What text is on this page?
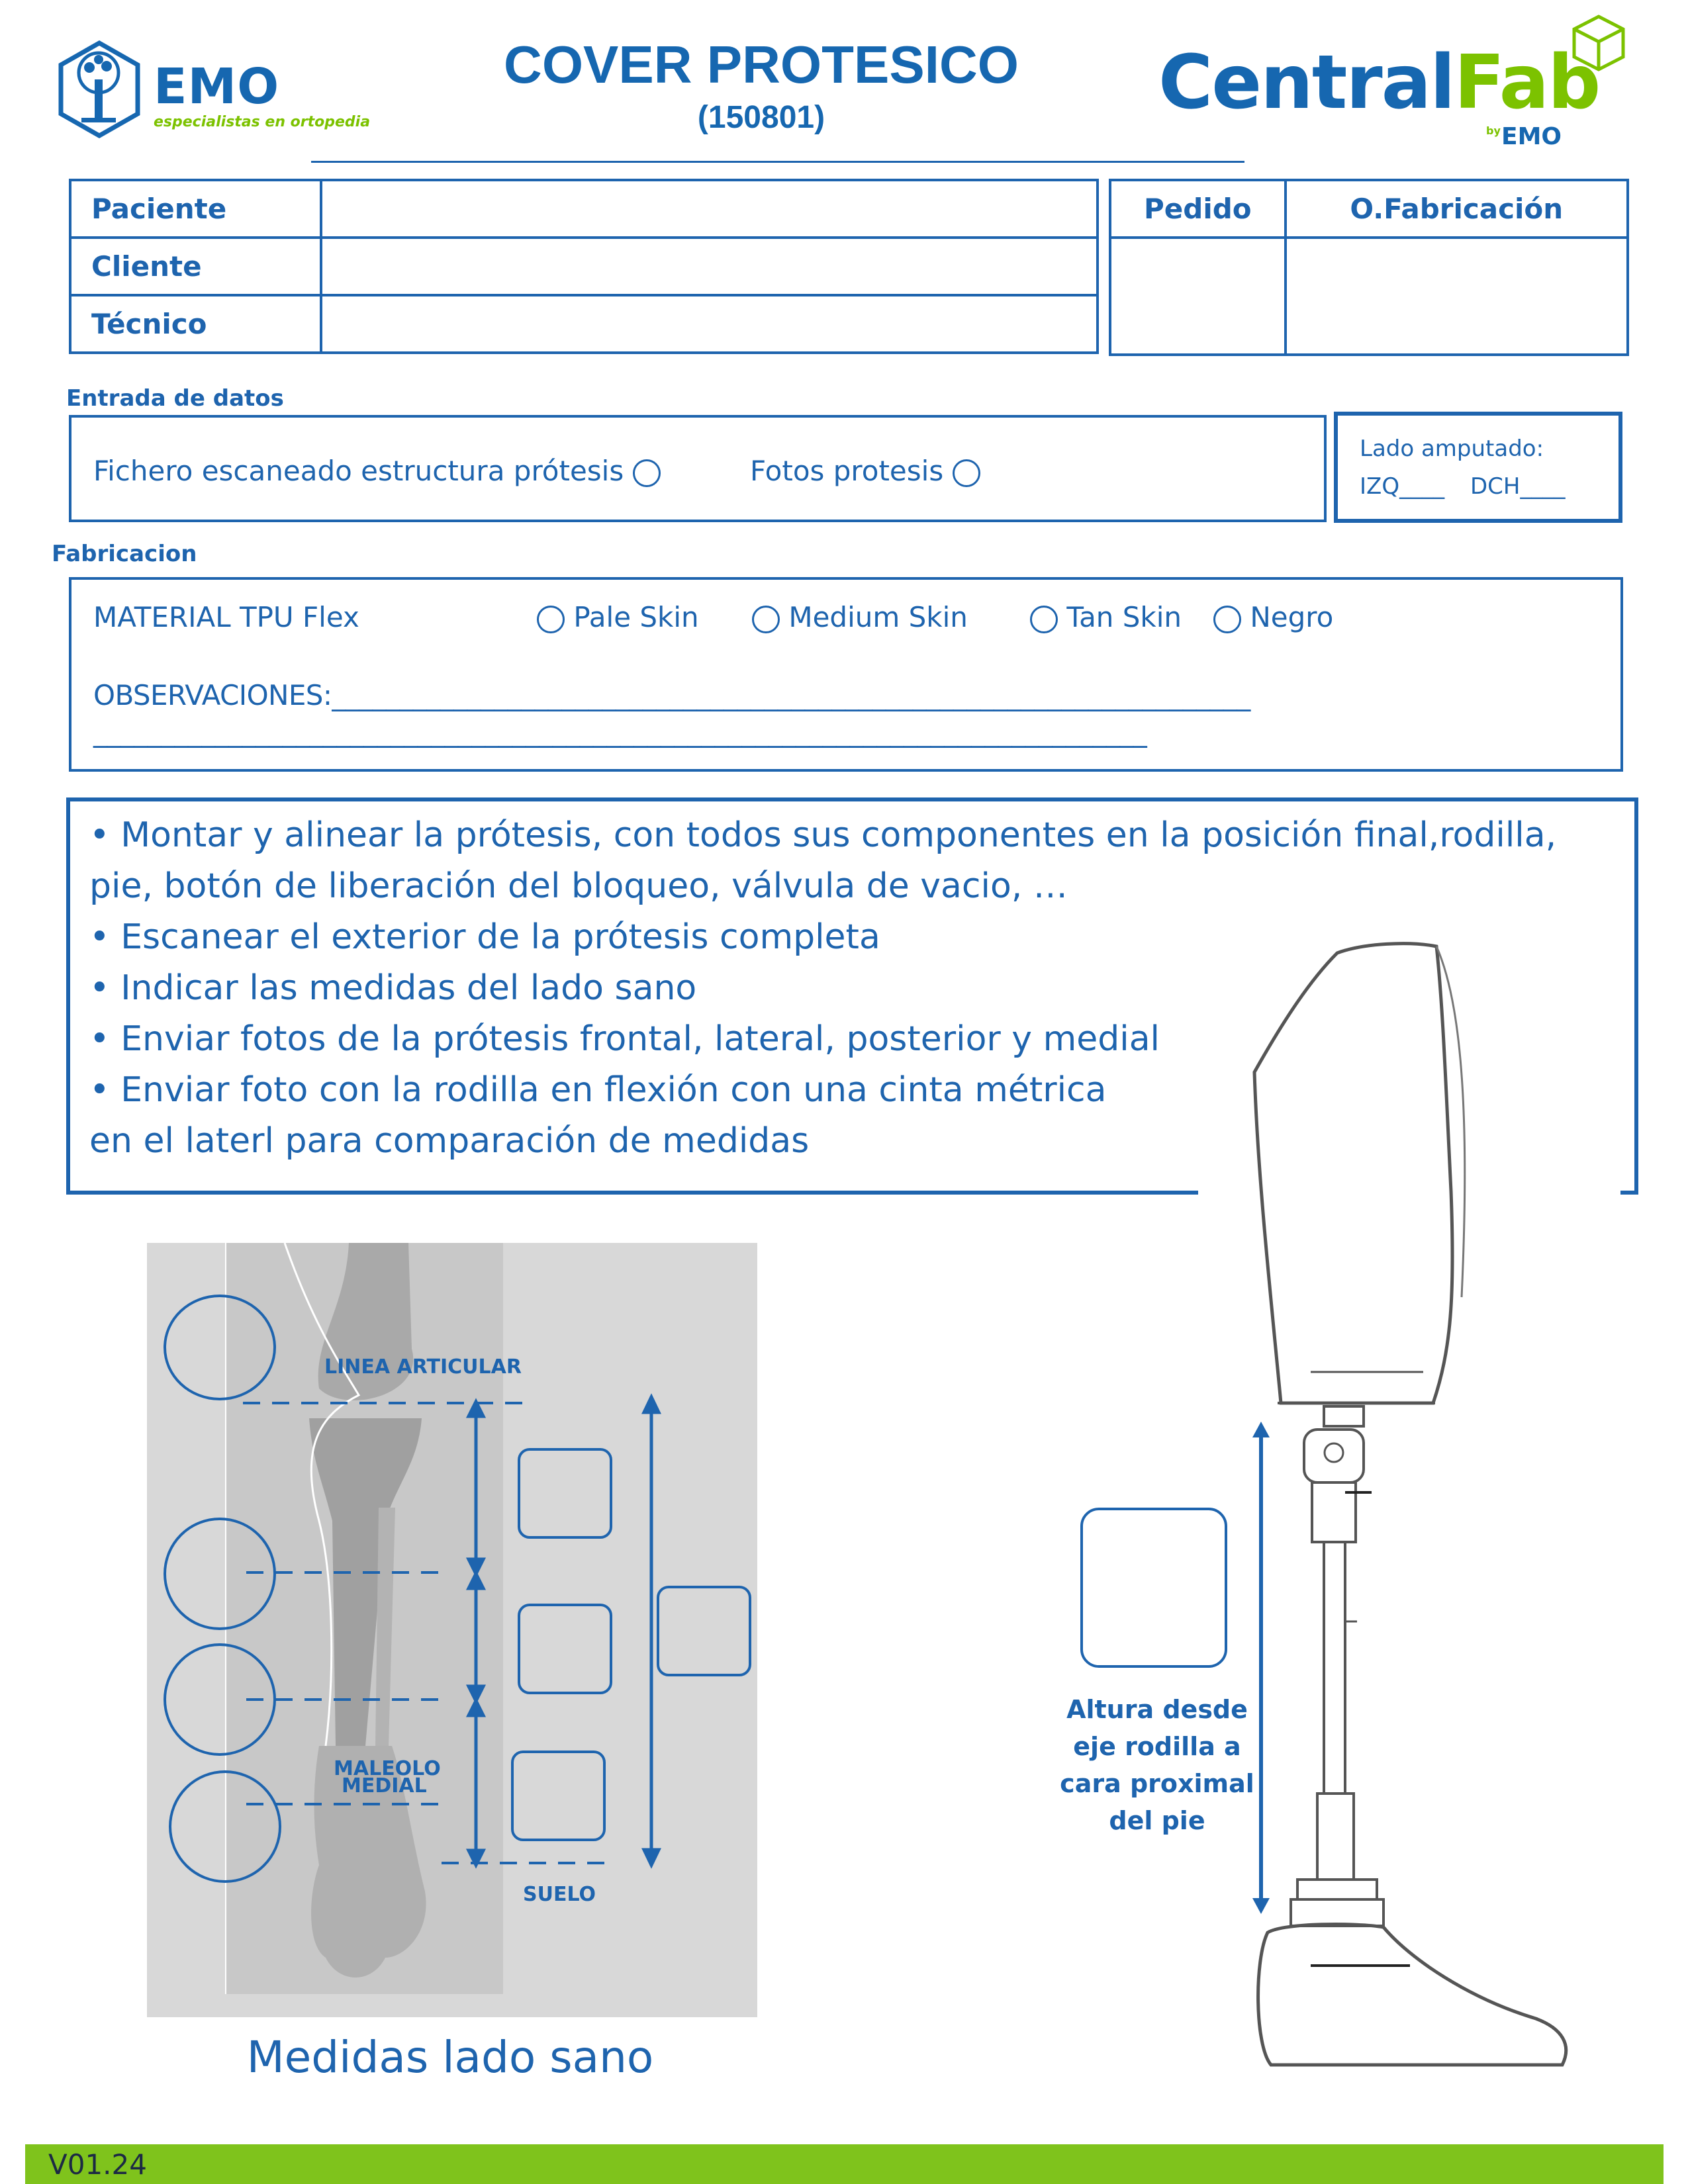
EMO
especialistas en ortopedia
COVER PROTESICO
(150801)	CentralFab
by EMO
Paciente	
Cliente	
Técnico	
Pedido	O.Fabricación

Entrada de datos
Fichero escaneado estructura prótesis	Fotos protesis
Lado amputado:
IZQ____ DCH____
Fabricacion
MATERIAL TPU Flex	Pale Skin	Medium Skin	Tan Skin	Negro
OBSERVACIONES:____________________________________________________________________
______________________________________________________________________________
• Montar y alinear la prótesis, con todos sus componentes en la posición final,rodilla,
pie, botón de liberación del bloqueo, válvula de vacio, …
• Escanear el exterior de la prótesis completa
• Indicar las medidas del lado sano
• Enviar fotos de la prótesis frontal, lateral, posterior y medial
• Enviar foto con la rodilla en flexión con una cinta métrica
en el laterl para comparación de medidas
Altura desde
eje rodilla a
cara proximal
del pie
LINEA ARTICULAR
MALEOLO
MEDIAL
SUELO
Medidas lado sano
V01.24
